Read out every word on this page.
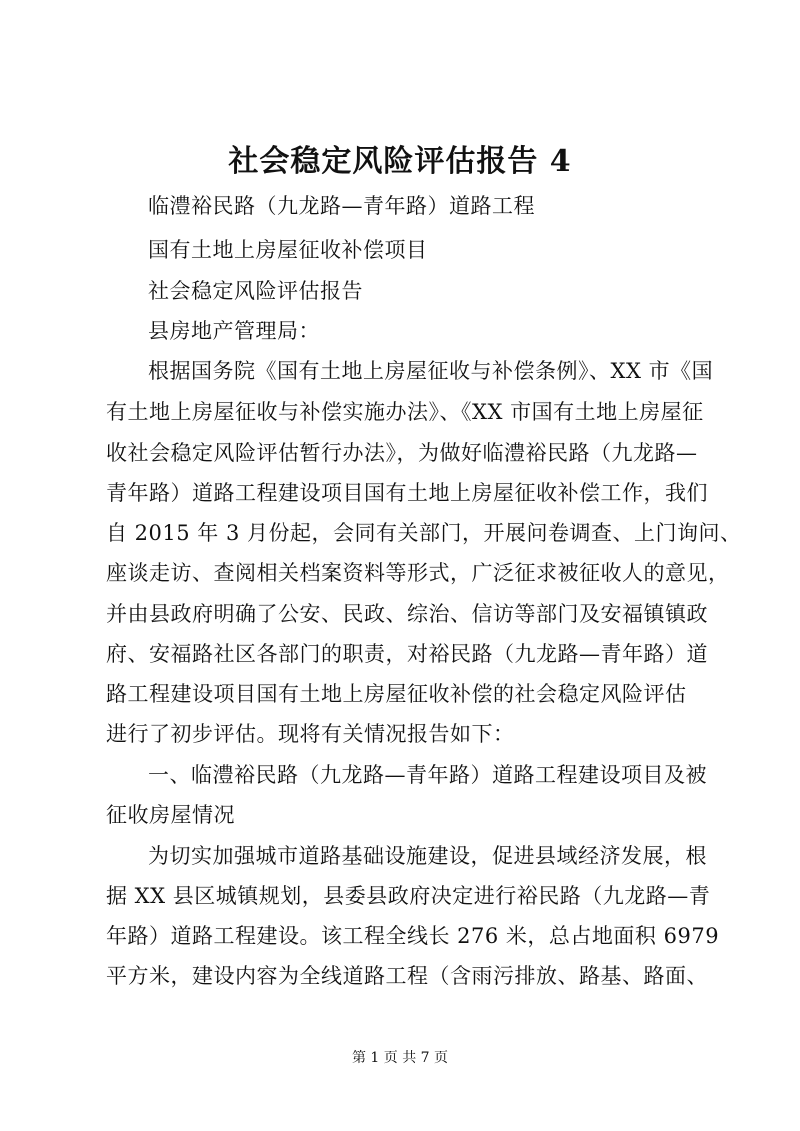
社会稳定风险评估报告 4
临澧裕民路（九龙路—青年路）道路工程
国有土地上房屋征收补偿项目
社会稳定风险评估报告
县房地产管理局：
根据国务院《国有土地上房屋征收与补偿条例》、XX 市《国
有土地上房屋征收与补偿实施办法》、《XX 市国有土地上房屋征
收社会稳定风险评估暂行办法》，为做好临澧裕民路（九龙路—
青年路）道路工程建设项目国有土地上房屋征收补偿工作，我们
自 2015 年 3 月份起，会同有关部门，开展问卷调查、上门询问、
座谈走访、查阅相关档案资料等形式，广泛征求被征收人的意见，
并由县政府明确了公安、民政、综治、信访等部门及安福镇镇政
府、安福路社区各部门的职责，对裕民路（九龙路—青年路）道
路工程建设项目国有土地上房屋征收补偿的社会稳定风险评估
进行了初步评估。现将有关情况报告如下：
一、临澧裕民路（九龙路—青年路）道路工程建设项目及被
征收房屋情况
为切实加强城市道路基础设施建设，促进县域经济发展，根
据 XX 县区城镇规划，县委县政府决定进行裕民路（九龙路—青
年路）道路工程建设。该工程全线长 276 米，总占地面积 6979
平方米，建设内容为全线道路工程（含雨污排放、路基、路面、
第 1 页 共 7 页
